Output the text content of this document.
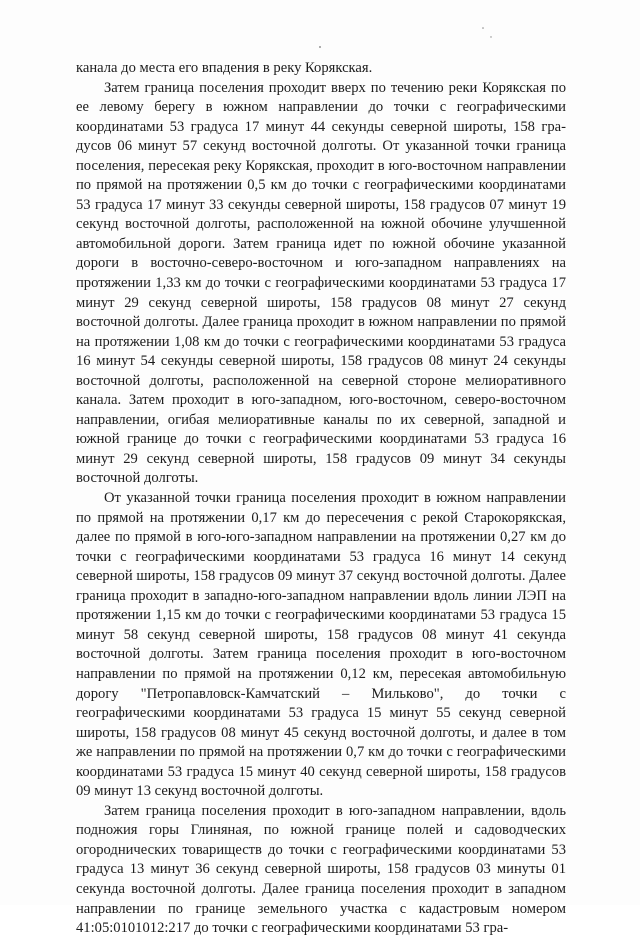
канала до места его впадения в реку Корякская.

Затем граница поселения проходит вверх по течению реки Корякская по ее левому берегу в южном направлении до точки с географическими координатами 53 градуса 17 минут 44 секунды северной широты, 158 градусов 06 минут 57 секунд восточной долготы. От указанной точки граница поселения, пересекая реку Корякская, проходит в юго-восточном направлении по прямой на протяжении 0,5 км до точки с географическими координатами 53 градуса 17 минут 33 секунды северной широты, 158 градусов 07 минут 19 секунд восточной долготы, расположенной на южной обочине улучшенной автомобильной дороги. Затем граница идет по южной обочине указанной дороги в восточно-северо-восточном и юго-западном направлениях на протяжении 1,33 км до точки с географическими координатами 53 градуса 17 минут 29 секунд северной широты, 158 градусов 08 минут 27 секунд восточной долготы. Далее граница проходит в южном направлении по прямой на протяжении 1,08 км до точки с географическими координатами 53 градуса 16 минут 54 секунды северной широты, 158 градусов 08 минут 24 секунды восточной долготы, расположенной на северной стороне мелиоративного канала. Затем проходит в юго-западном, юго-восточном, северо-восточном направлении, огибая мелиоративные каналы по их северной, западной и южной границе до точки с географическими координатами 53 градуса 16 минут 29 секунд северной широты, 158 градусов 09 минут 34 секунды восточной долготы.

От указанной точки граница поселения проходит в южном направлении по прямой на протяжении 0,17 км до пересечения с рекой Старокорякская, далее по прямой в юго-юго-западном направлении на протяжении 0,27 км до точки с географическими координатами 53 градуса 16 минут 14 секунд северной широты, 158 градусов 09 минут 37 секунд восточной долготы. Далее граница проходит в западно-юго-западном направлении вдоль линии ЛЭП на протяжении 1,15 км до точки с географическими координатами 53 градуса 15 минут 58 секунд северной широты, 158 градусов 08 минут 41 секунда восточной долготы. Затем граница поселения проходит в юго-восточном направлении по прямой на протяжении 0,12 км, пересекая автомобильную дорогу "Петропавловск-Камчатский – Мильково", до точки с географическими координатами 53 градуса 15 минут 55 секунд северной широты, 158 градусов 08 минут 45 секунд восточной долготы, и далее в том же направлении по прямой на протяжении 0,7 км до точки с географическими координатами 53 градуса 15 минут 40 секунд северной широты, 158 градусов 09 минут 13 секунд восточной долготы.

Затем граница поселения проходит в юго-западном направлении, вдоль подножия горы Глиняная, по южной границе полей и садоводческих огороднических товариществ до точки с географическими координатами 53 градуса 13 минут 36 секунд северной широты, 158 градусов 03 минуты 01 секунда восточной долготы. Далее граница поселения проходит в западном направлении по границе земельного участка с кадастровым номером 41:05:0101012:217 до точки с географическими координатами 53 гра-
